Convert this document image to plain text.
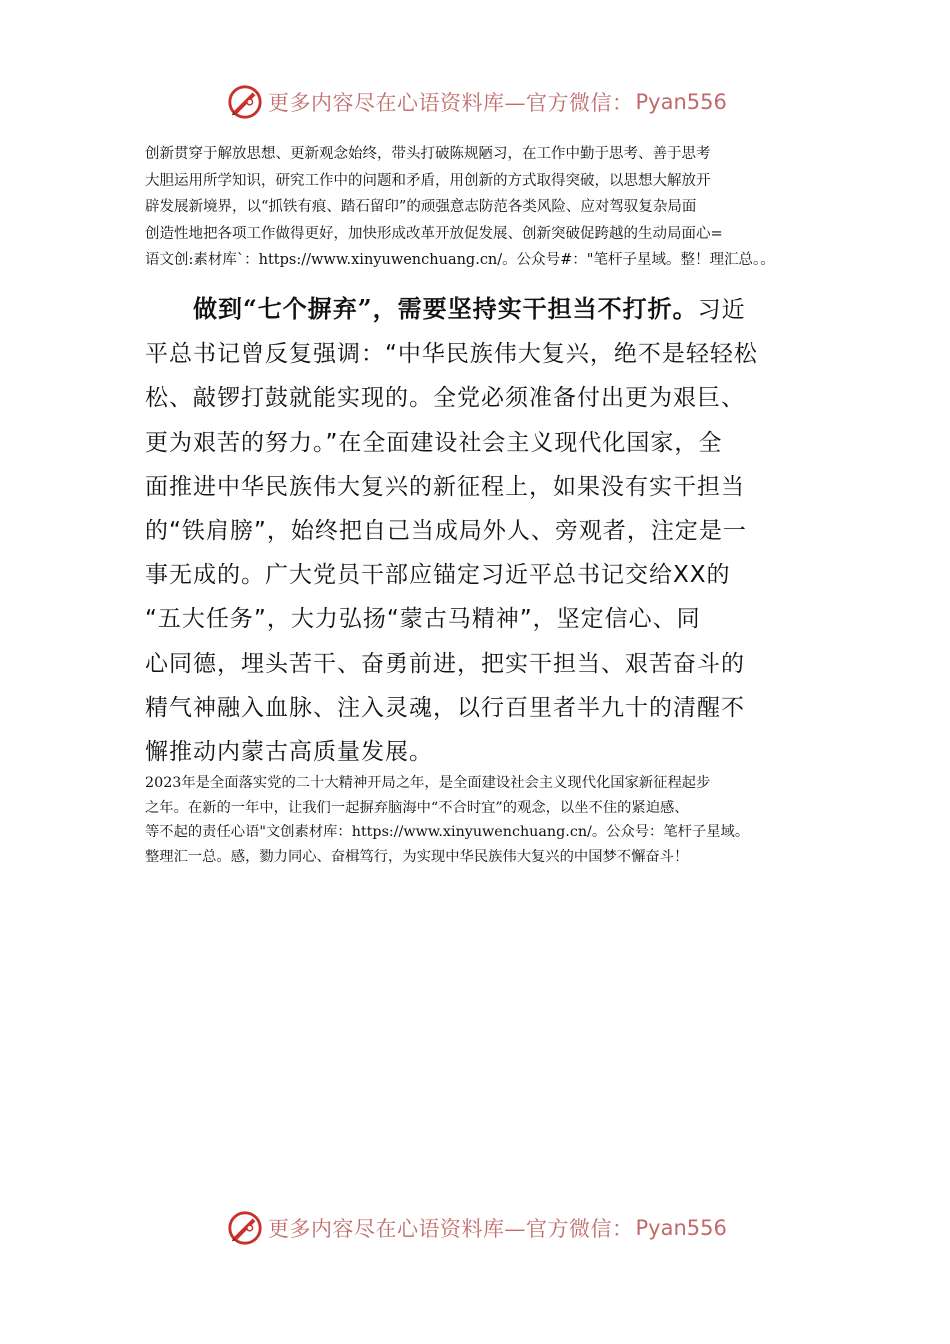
更多内容尽在心语资料库—官方微信： Pyan556

创新贯穿于解放思想、更新观念始终，带头打破陈规陋习，在工作中勤于思考、善于思考

大胆运用所学知识，研究工作中的问题和矛盾，用创新的方式取得突破，以思想大解放开

辟发展新境界，以“抓铁有痕、踏石留印”的顽强意志防范各类风险、应对驾驭复杂局面

创造性地把各项工作做得更好，加快形成改革开放促发展、创新突破促跨越的生动局面心=

语文创:素材库`：https://www.xinyuwenchuang.cn/。公众号#："笔杆子星域。整！理汇总。。

做到“七个摒弃”，需要坚持实干担当不打折。习近

平总书记曾反复强调：“中华民族伟大复兴，绝不是轻轻松

松、敲锣打鼓就能实现的。全党必须准备付出更为艰巨、

更为艰苦的努力。”在全面建设社会主义现代化国家，全

面推进中华民族伟大复兴的新征程上，如果没有实干担当

的“铁肩膀”，始终把自己当成局外人、旁观者，注定是一

事无成的。广大党员干部应锚定习近平总书记交给XX的

“五大任务”，大力弘扬“蒙古马精神”，坚定信心、同

心同德，埋头苦干、奋勇前进，把实干担当、艰苦奋斗的

精气神融入血脉、注入灵魂，以行百里者半九十的清醒不

懈推动内蒙古高质量发展。

2023年是全面落实党的二十大精神开局之年，是全面建设社会主义现代化国家新征程起步

之年。在新的一年中，让我们一起摒弃脑海中“不合时宜”的观念，以坐不住的紧迫感、

等不起的责任心语"文创素材库：https://www.xinyuwenchuang.cn/。公众号：笔杆子星域。

整理汇一总。感，勠力同心、奋楫笃行，为实现中华民族伟大复兴的中国梦不懈奋斗！

更多内容尽在心语资料库—官方微信： Pyan556
